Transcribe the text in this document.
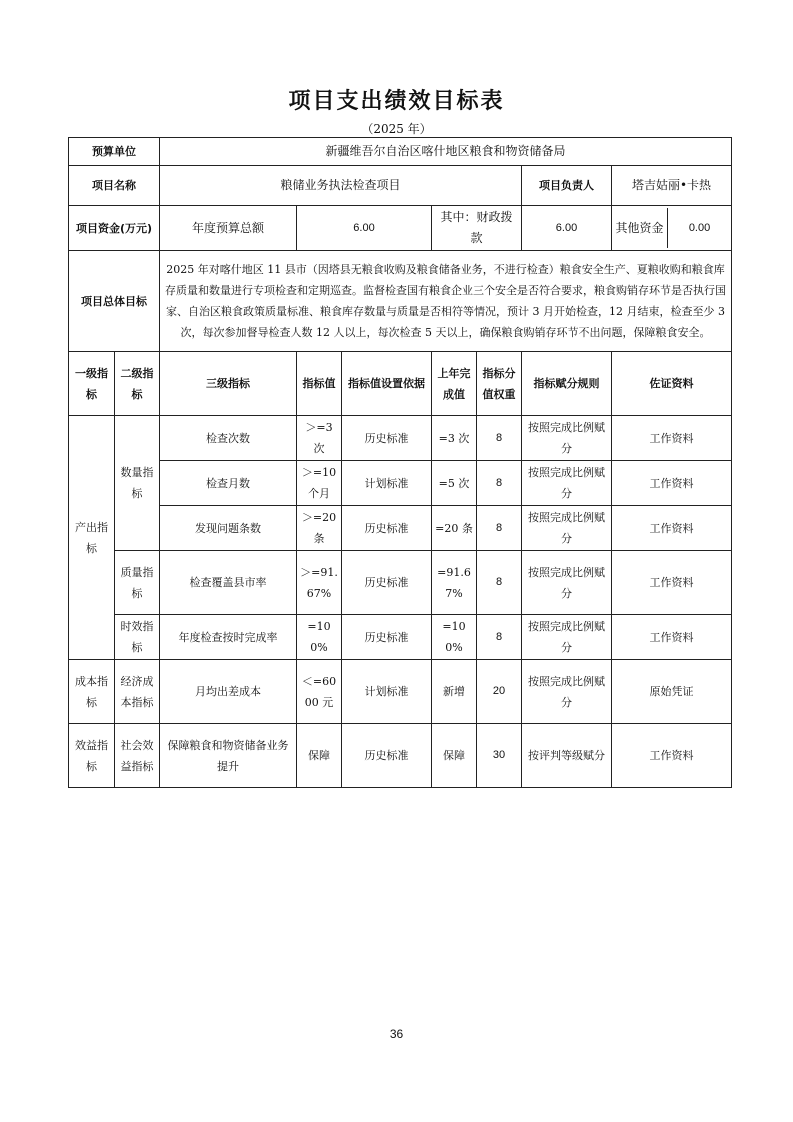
项目支出绩效目标表
（2025 年）
预算单位		新疆维吾尔自治区喀什地区粮食和物资储备局						
项目名称		粮储业务执法检查项目					项目负责人	塔吉姑丽•卡热
项目资金(万元)		年度预算总额	6.00		其中：财政拨款		6.00	其他资金 0.00

项目总体目标		2025 年对喀什地区 11 县市（因塔县无粮食收购及粮食储备业务，不进行检查）粮食安全生产、夏粮收购和粮食库存质量和数量进行专项检查和定期巡查。监督检查国有粮食企业三个安全是否符合要求，粮食购销存环节是否执行国家、自治区粮食政策质量标准、粮食库存数量与质量是否相符等情况，预计 3 月开始检查，12 月结束，检查至少 3 次，每次参加督导检查人数 12 人以上，每次检查 5 天以上，确保粮食购销存环节不出问题，保障粮食安全。						
一级指标	二级指标	三级指标	指标值	指标值设置依据	上年完成值	指标分值权重	指标赋分规则	佐证资料
产出指标	数量指标	检查次数	＞=3 次	历史标准	=3 次	8	按照完成比例赋分	工作资料
		检查月数	＞=10 个月	计划标准	=5 次	8	按照完成比例赋分	工作资料
		发现问题条数	＞=20 条	历史标准	=20 条	8	按照完成比例赋分	工作资料
	质量指标	检查覆盖县市率	＞=91.67%	历史标准	=91.67%	8	按照完成比例赋分	工作资料
	时效指标	年度检查按时完成率	=100%	历史标准	=100%	8	按照完成比例赋分	工作资料
成本指标	经济成本指标	月均出差成本	＜=6000 元	计划标准	新增	20	按照完成比例赋分	原始凭证
效益指标	社会效益指标	保障粮食和物资储备业务提升	保障	历史标准	保障	30	按评判等级赋分	工作资料
36
